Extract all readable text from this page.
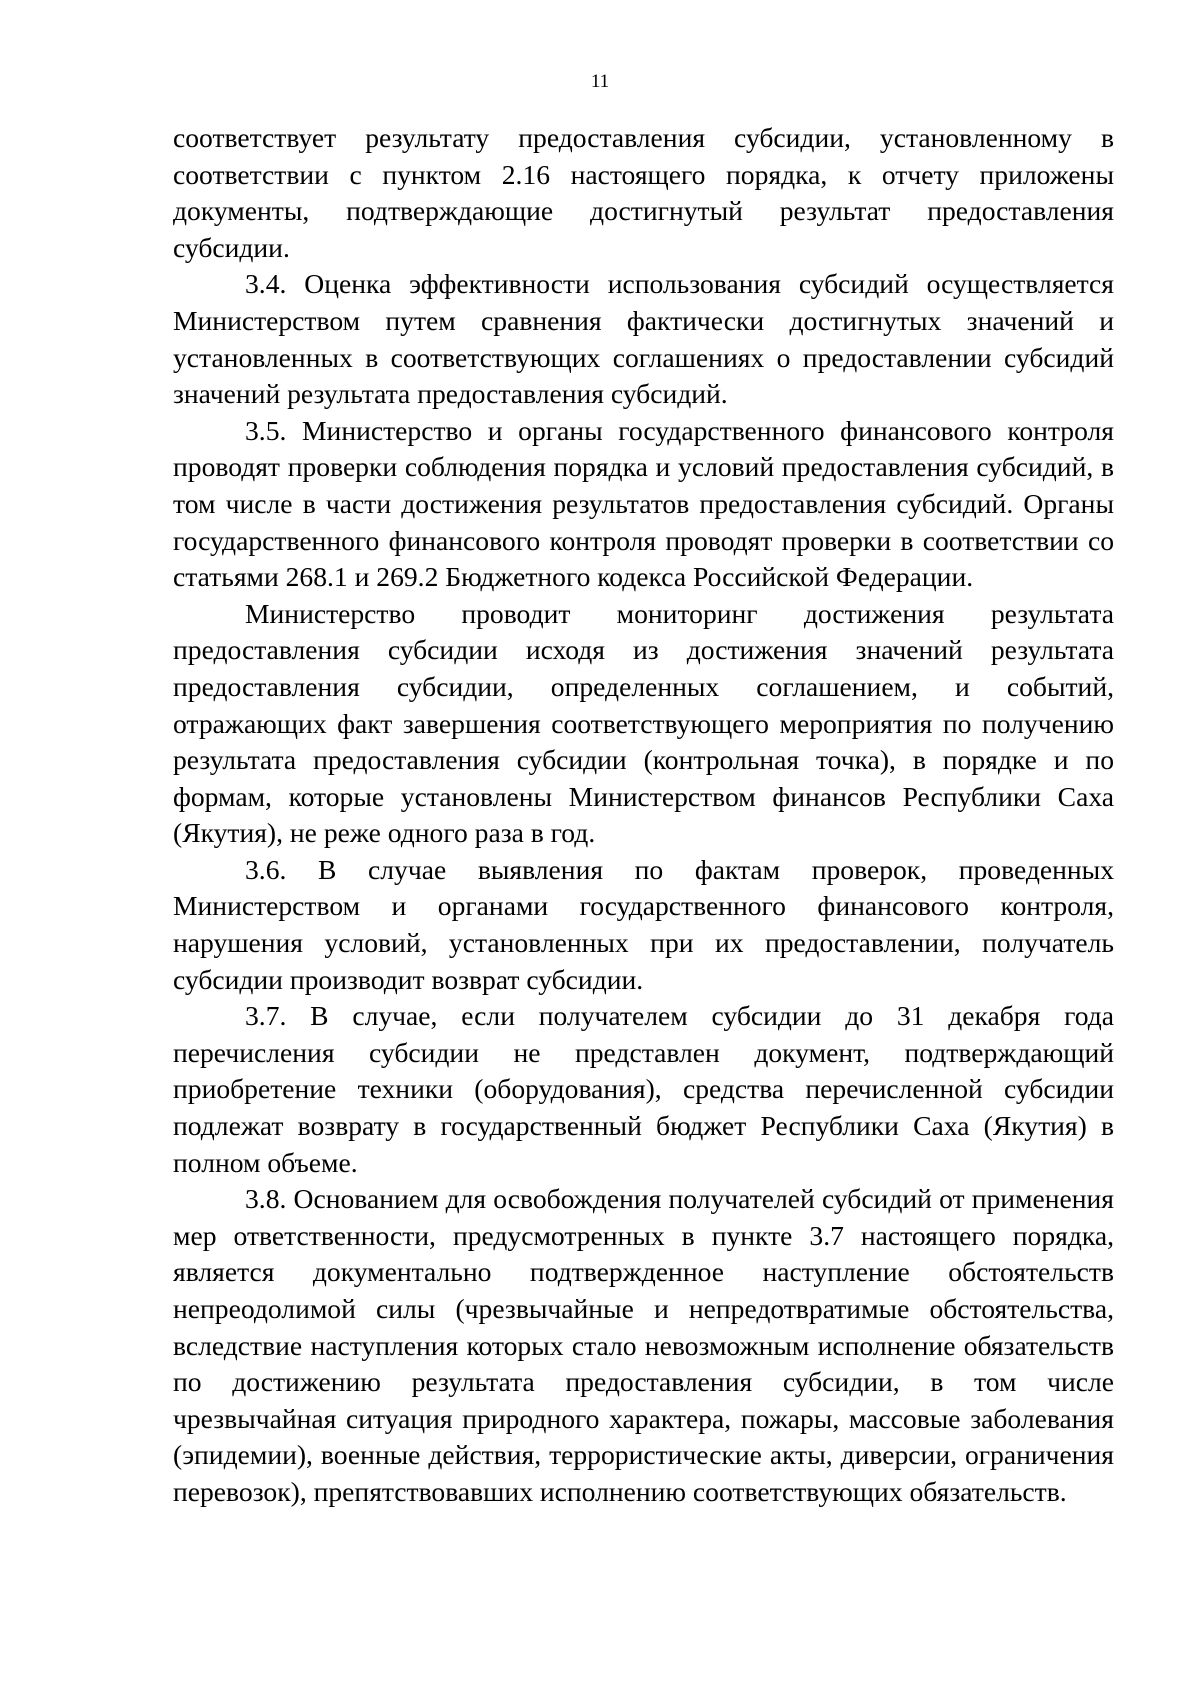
11

соответствует результату предоставления субсидии, установленному в соответствии с пунктом 2.16 настоящего порядка, к отчету приложены документы, подтверждающие достигнутый результат предоставления субсидии.

3.4. Оценка эффективности использования субсидий осуществляется Министерством путем сравнения фактически достигнутых значений и установленных в соответствующих соглашениях о предоставлении субсидий значений результата предоставления субсидий.

3.5. Министерство и органы государственного финансового контроля проводят проверки соблюдения порядка и условий предоставления субсидий, в том числе в части достижения результатов предоставления субсидий. Органы государственного финансового контроля проводят проверки в соответствии со статьями 268.1 и 269.2 Бюджетного кодекса Российской Федерации.

Министерство проводит мониторинг достижения результата предоставления субсидии исходя из достижения значений результата предоставления субсидии, определенных соглашением, и событий, отражающих факт завершения соответствующего мероприятия по получению результата предоставления субсидии (контрольная точка), в порядке и по формам, которые установлены Министерством финансов Республики Саха (Якутия), не реже одного раза в год.

3.6. В случае выявления по фактам проверок, проведенных Министерством и органами государственного финансового контроля, нарушения условий, установленных при их предоставлении, получатель субсидии производит возврат субсидии.

3.7. В случае, если получателем субсидии до 31 декабря года перечисления субсидии не представлен документ, подтверждающий приобретение техники (оборудования), средства перечисленной субсидии подлежат возврату в государственный бюджет Республики Саха (Якутия) в полном объеме.

3.8. Основанием для освобождения получателей субсидий от применения мер ответственности, предусмотренных в пункте 3.7 настоящего порядка, является документально подтвержденное наступление обстоятельств непреодолимой силы (чрезвычайные и непредотвратимые обстоятельства, вследствие наступления которых стало невозможным исполнение обязательств по достижению результата предоставления субсидии, в том числе чрезвычайная ситуация природного характера, пожары, массовые заболевания (эпидемии), военные действия, террористические акты, диверсии, ограничения перевозок), препятствовавших исполнению соответствующих обязательств.
